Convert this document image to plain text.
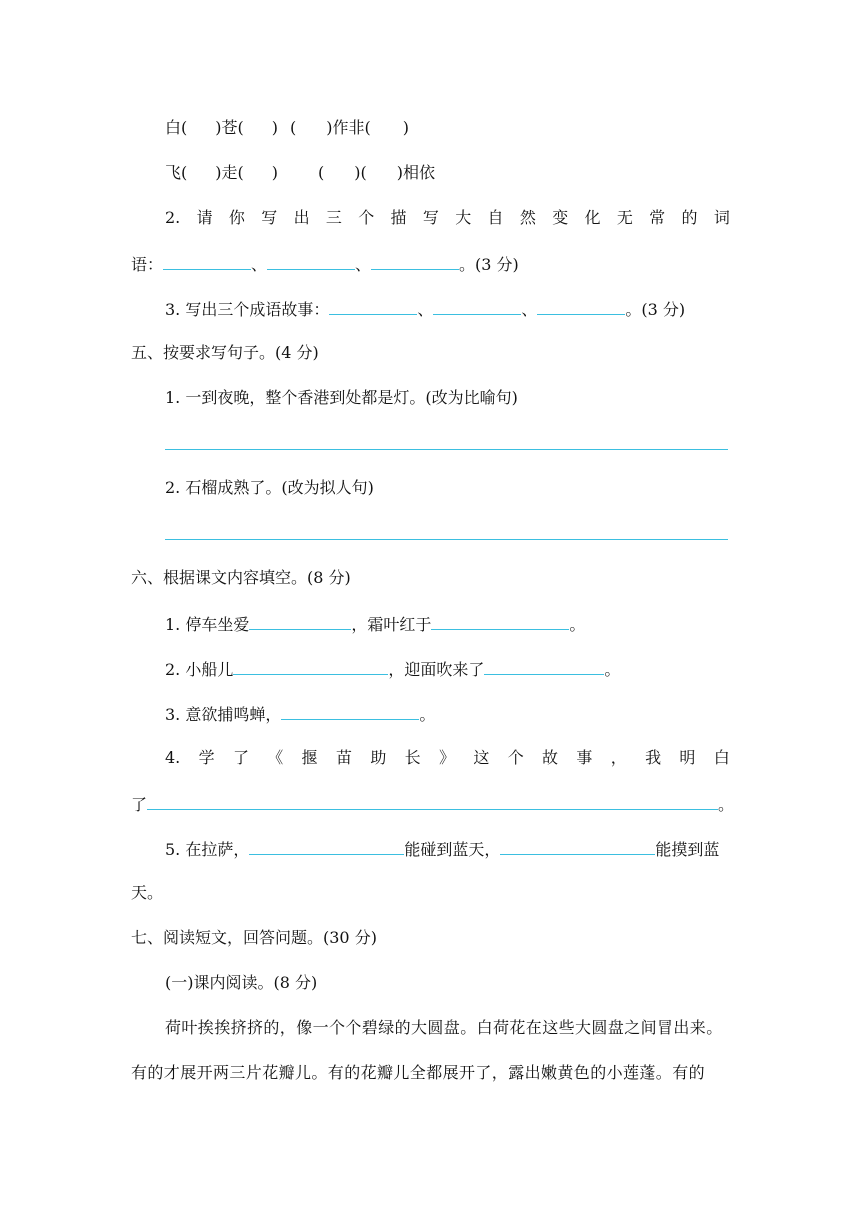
白( )苍( ) ( )作非( )
飞( )走( )	( )( )相依
2. 请 你 写 出 三 个 描 写 大 自 然 变 化 无 常 的 词
语：	、	、	。(3 分)
3. 写出三个成语故事：	、	、	。(3 分)
五、按要求写句子。(4 分)
1. 一到夜晚，整个香港到处都是灯。(改为比喻句)
2. 石榴成熟了。(改为拟人句)
六、根据课文内容填空。(8 分)
1. 停车坐爱	，霜叶红于	。
2. 小船儿	，迎面吹来了	。
3. 意欲捕鸣蝉，	。
4. 学 了 《 揠 苗 助 长 》 这 个 故 事 ， 我 明 白
了	。
5. 在拉萨，	能碰到蓝天，	能摸到蓝
天。
七、阅读短文，回答问题。(30 分)
(一)课内阅读。(8 分)
荷叶挨挨挤挤的，像一个个碧绿的大圆盘。白荷花在这些大圆盘之间冒出来。
有的才展开两三片花瓣儿。有的花瓣儿全都展开了，露出嫩黄色的小莲蓬。有的
